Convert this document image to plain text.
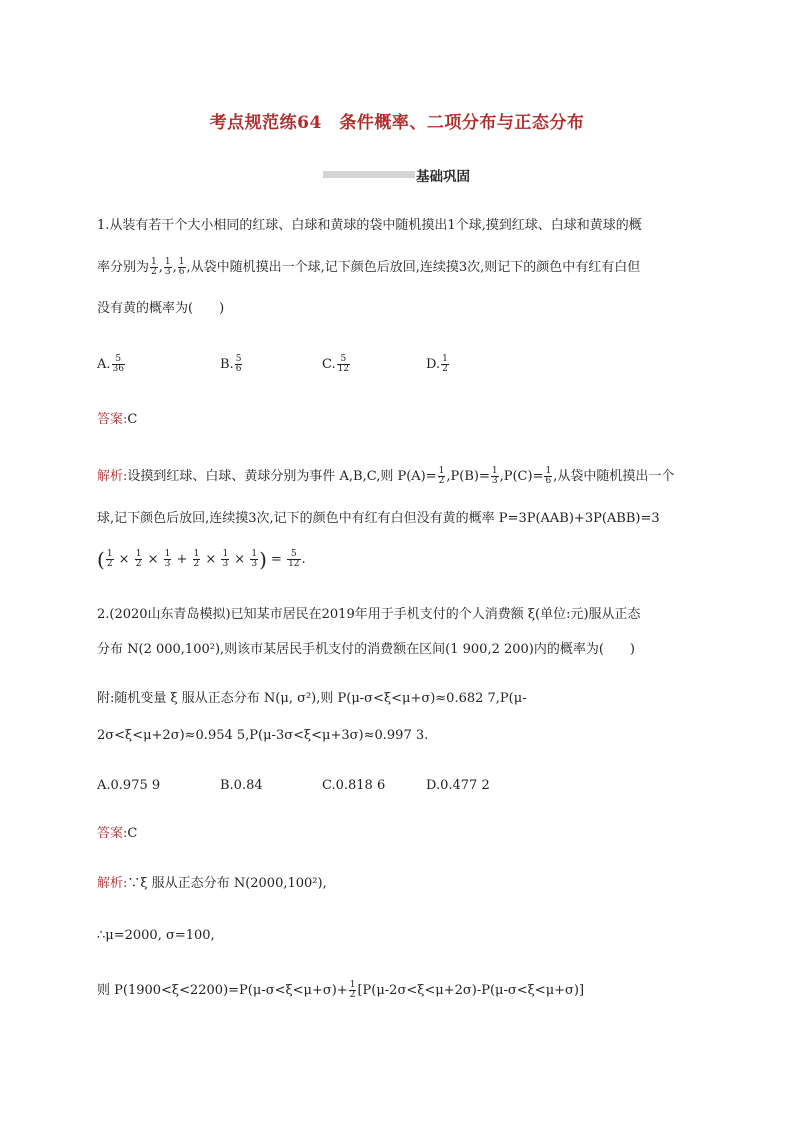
考点规范练64　条件概率、二项分布与正态分布
基础巩固
1.从装有若干个大小相同的红球、白球和黄球的袋中随机摸出1个球,摸到红球、白球和黄球的概
率分别为 $\frac{1}{2}$ , $\frac{1}{3}$ , $\frac{1}{6}$ ,从袋中随机摸出一个球,记下颜色后放回,连续摸3次,则记下的颜色中有红有白但
没有黄的概率为(　　)
A. $\frac{5}{36}$	B. $\frac{5}{6}$	C. $\frac{5}{12}$	D. $\frac{1}{2}$
答案:C
解析:设摸到红球、白球、黄球分别为事件 A,B,C,则 $P(A)= \frac{1}{2} ,P(B)= \frac{1}{3} ,P(C)= \frac{1}{6}$ ,从袋中随机摸出一个
球,记下颜色后放回,连续摸3次,记下的颜色中有红有白但没有黄的概率 P=3P(AAB)+3P(ABB)=3
( $\frac{1}{2} \times \frac{1}{2} \times \frac{1}{3} + \frac{1}{2} \times \frac{1}{3} \times \frac{1}{3}$ ) = $\frac{5}{12}$ .
2.(2020山东青岛模拟)已知某市居民在2019年用于手机支付的个人消费额 ξ(单位:元)服从正态
分布 N(2 000,100²),则该市某居民手机支付的消费额在区间(1 900,2 200)内的概率为(　　)
附:随机变量 ξ 服从正态分布 N(μ, σ²),则 P(μ-σ<ξ<μ+σ)≈0.682 7,P(μ-
2σ<ξ<μ+2σ)≈0.954 5,P(μ-3σ<ξ<μ+3σ)≈0.997 3.
A.0.975 9	B.0.84	C.0.818 6	D.0.477 2
答案:C
解析:∵ξ 服从正态分布 N(2000,100²),
∴μ=2000, σ=100,
则 $P(1900<\xi<2200)=P(\mu-\sigma<\xi<\mu+\sigma)+ \frac{1}{2} [P(\mu-2\sigma<\xi<\mu+2\sigma)-P(\mu-\sigma<\xi<\mu+\sigma)]$
